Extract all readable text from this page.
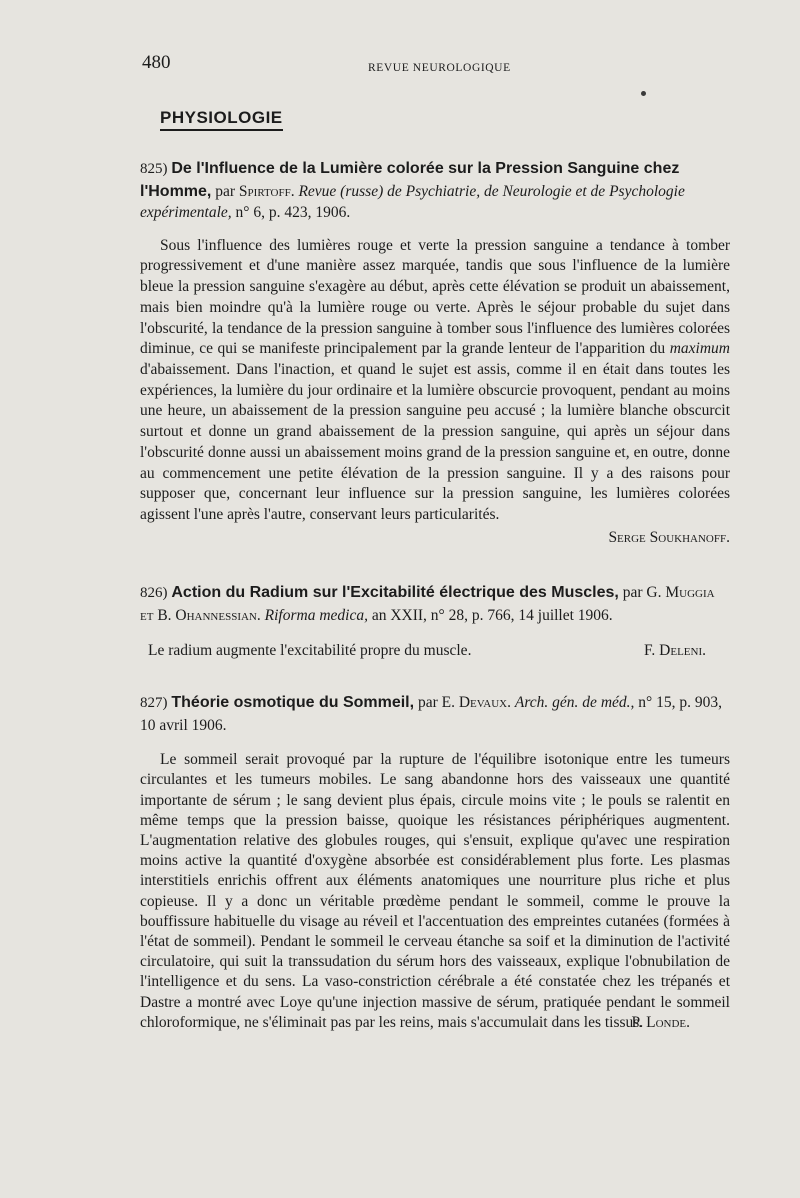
480	REVUE NEUROLOGIQUE
PHYSIOLOGIE

825) De l'Influence de la Lumière colorée sur la Pression Sanguine chez l'Homme, par Spirtoff. Revue (russe) de Psychiatrie, de Neurologie et de Psychologie expérimentale, n° 6, p. 423, 1906.

Sous l'influence des lumières rouge et verte la pression sanguine a tendance à tomber progressivement et d'une manière assez marquée, tandis que sous l'influence de la lumière bleue la pression sanguine s'exagère au début, après cette élévation se produit un abaissement, mais bien moindre qu'à la lumière rouge ou verte. Après le séjour probable du sujet dans l'obscurité, la tendance de la pression sanguine à tomber sous l'influence des lumières colorées diminue, ce qui se manifeste principalement par la grande lenteur de l'apparition du maximum d'abaissement. Dans l'inaction, et quand le sujet est assis, comme il en était dans toutes les expériences, la lumière du jour ordinaire et la lumière obscurcie provoquent, pendant au moins une heure, un abaissement de la pression sanguine peu accusé ; la lumière blanche obscurcit surtout et donne un grand abaissement de la pression sanguine, qui après un séjour dans l'obscurité donne aussi un abaissement moins grand de la pression sanguine et, en outre, donne au commencement une petite élévation de la pression sanguine. Il y a des raisons pour supposer que, concernant leur influence sur la pression sanguine, les lumières colorées agissent l'une après l'autre, conservant leurs particularités.

Serge Soukhanoff.

826) Action du Radium sur l'Excitabilité électrique des Muscles, par G. Muggia et B. Ohannessian. Riforma medica, an XXII, n° 28, p. 766, 14 juillet 1906.

Le radium augmente l'excitabilité propre du muscle.	F. Deleni.

827) Théorie osmotique du Sommeil, par E. Devaux. Arch. gén. de méd., n° 15, p. 903, 10 avril 1906.

Le sommeil serait provoqué par la rupture de l'équilibre isotonique entre les tumeurs circulantes et les tumeurs mobiles. Le sang abandonne hors des vaisseaux une quantité importante de sérum ; le sang devient plus épais, circule moins vite ; le pouls se ralentit en même temps que la pression baisse, quoique les résistances périphériques augmentent. L'augmentation relative des globules rouges, qui s'ensuit, explique qu'avec une respiration moins active la quantité d'oxygène absorbée est considérablement plus forte. Les plasmas interstitiels enrichis offrent aux éléments anatomiques une nourriture plus riche et plus copieuse. Il y a donc un véritable prœdème pendant le sommeil, comme le prouve la bouffissure habituelle du visage au réveil et l'accentuation des empreintes cutanées (formées à l'état de sommeil). Pendant le sommeil le cerveau étanche sa soif et la diminution de l'activité circulatoire, qui suit la transsudation du sérum hors des vaisseaux, explique l'obnubilation de l'intelligence et du sens. La vaso-constriction cérébrale a été constatée chez les trépanés et Dastre a montré avec Loye qu'une injection massive de sérum, pratiquée pendant le sommeil chloroformique, ne s'éliminait pas par les reins, mais s'accumulait dans les tissus.

P. Londe.
